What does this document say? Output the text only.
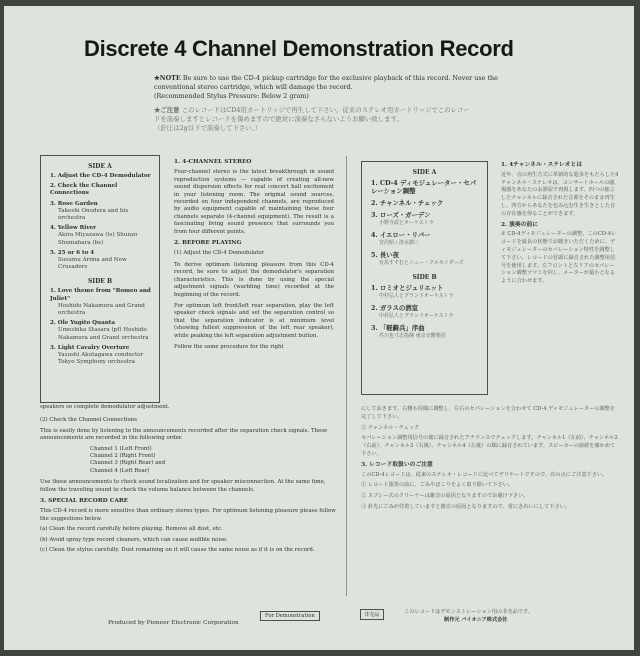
Discrete 4 Channel Demonstration Record
★NOTE Be sure to use the CD-4 pickup cartridge for the exclusive playback of this record. Never use the
conventional stereo cartridge, which will damage the record.
(Recommended Stylus Pressure: Below 2 gram)
★ご注意 このレコードはCD4用カートリッジで再生して下さい。従来のステレオ用カートリッジでこのレコー
ドを演奏しますとレコードを傷めますので絶対に演奏なさらないようお願い致します。
（針圧は2g以下で演奏して下さい。）
SIDE A
1. Adjust the CD-4 Demodulator
2. Check the Channel Connections
3. Rose Garden
Takeshi Onodera and his orchestra
4. Yellow River
Akira Miyazawa (ts) Shunzo Shumahara (bs)
5. 25 or 6 to 4
Susumu Arima and New Crusaders
SIDE B
1. Love theme from "Romeo and Juliet"
Hoshido Nakamura and Grand orchestra
2. Ole Yugito Quanta
Umeshika Stasara (pf) Hoshido Nakamura and Grand orchestra
3. Light Cavalry Overture
Yasushi Akutagawa conductor Tokyo Symphony orchestra
1. 4-CHANNEL STEREO

Four-channel stereo is the latest breakthrough in sound reproduction systems — capable of creating all-new sound dispersion effects for real concert hall excitement in your listening room. The original sound sources, recorded on four independent channels, are reproduced by audio equipment capable of maintaining these four channels separate (4-channel equipment). The result is a fascinating living sound presence that surrounds you from four different points.

2. BEFORE PLAYING

(1) Adjust the CD-4 Demodulator

To derive optimum listening pleasure from this CD-4 record, be sure to adjust the demodulator's separation characteristics. This is done by using the special adjustment signals (warbling tone) recorded at the beginning of the record.

For optimum left front/left rear separation, play the left speaker check signals and set the separation control so that the separation indicator is at minimum level (showing fullest suppression of the left rear speaker), while peaking the left separation adjustment button.

Follow the same procedure for the right

speakers so complete demodulator adjustment.

(2) Check the Channel Connections

This is easily done by listening to the announcements recorded after the separation check signals. These announcements are recorded in the following order.

Channel 1 (Left Front)
Channel 2 (Right Front)
Channel 3 (Right Rear) and
Channel 4 (Left Rear)

Use these announcements to check sound localization and for speaker misconnection. At the same time, follow the traveling sound to check the volume balance between the channels.

3. SPECIAL RECORD CARE

This CD-4 record is more sensitive than ordinary stereo types. For optimum listening pleasure please follow the suggestions below.

(a) Clean the record carefully before playing. Remove all dust, etc.

(b) Avoid spray type record cleaners, which can cause audible noise.

(c) Clean the stylus carefully. Dust remaining on it will cause the same noise as if it is on the record.

SIDE A
1. CD-4 ディモジュレーター・セパレーション調整
2. チャンネル・チェック
3. ローズ・ガーデン
小野寺武とオーケストラ
4. イエロー・リバー
宮沢昭 / 清水潤三
5. 長い夜
有馬すすむとニュー・クルセイダーズ
SIDE B
1. ロミオとジュリエット
中村弘人とグランドオーケストラ
2. ガラスの酒室
中村弘人とグランドオーケストラ
3. 「軽騎兵」序曲
芥川也寸志指揮 東京交響楽団
1. 4チャンネル・ステレオとは

近年、音の再生方式に革新的な進歩をもたらした4チャンネル・ステレオは、コンサートホールの臨場感をあなたのお部屋で再現します。四つの独立したチャンネルに録音された音源をそのまま再生し、四方からあなたを包み込む生き生きとした音の存在感を得ることができます。

2. 演奏の前に

① CD-4ディモジュレーターの調整。このCD-4レコードを最良の状態でお聴きいただくために、ディモジュレーターのセパレーション特性を調整して下さい。レコードの冒頭に録音された調整用信号を使用します。左フロントと左リアのセパレーション調整ツマミを回し、メーターが最小となるように合わせます。

にしておきます。右側も同様に調整し、左右のセパレーションを合わせて CD-4 ディモジュレーターの調整を完了して下さい。

② チャンネル・チェック

セパレーション調整用信号の後に録音されたアナウンスでチェックします。チャンネル1（左前）、チャンネル2（右前）、チャンネル3（右後）、チャンネル4（左後）の順に録音されています。スピーカーの接続を確かめて下さい。

3. レコード取扱いのご注意

このCD-4レコードは、従来のステレオ・レコードに比べてデリケートですので、次の点にご注意下さい。

① レコード演奏の前に、ごみやほこりをよく取り除いて下さい。

② スプレー式のクリーナーは雑音の原因となりますのでお避け下さい。

③ 針先にごみが付着していますと雑音の原因となりますので、常にきれいにして下さい。

Produced by Pioneer Electronic Corporation
For Demonstration	非売品	このレコードはデモンストレーション用の非売品です。
制作元 パイオニア株式会社
